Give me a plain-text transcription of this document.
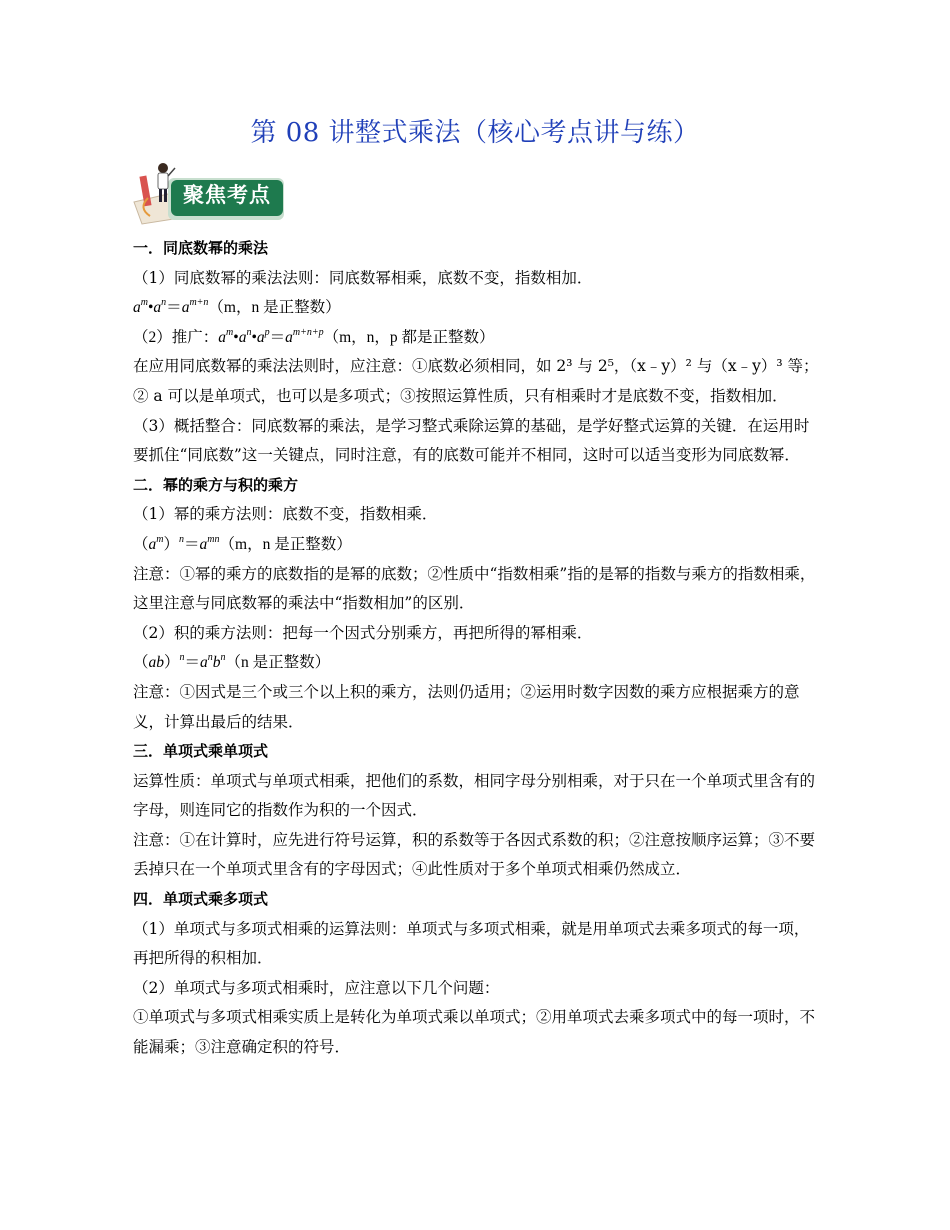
第 08 讲整式乘法（核心考点讲与练）
聚焦考点

一．同底数幂的乘法

（1）同底数幂的乘法法则：同底数幂相乘，底数不变，指数相加．

$a^m•a^n=a^{m+n}(m$，n 是正整数）

（2）推广：$a^m•a^n•a^p=a^{m+n+p}(m$，n，p 都是正整数）

在应用同底数幂的乘法法则时，应注意：①底数必须相同，如 2³ 与 2⁵，（x﹣y）² 与（x﹣y）³ 等；② a 可以是单项式，也可以是多项式；③按照运算性质，只有相乘时才是底数不变，指数相加．

（3）概括整合：同底数幂的乘法，是学习整式乘除运算的基础，是学好整式运算的关键．在运用时要抓住“同底数”这一关键点，同时注意，有的底数可能并不相同，这时可以适当变形为同底数幂．

二．幂的乘方与积的乘方

（1）幂的乘方法则：底数不变，指数相乘．

$(a^m)^n=a^{mn}(m$，n 是正整数）

注意：①幂的乘方的底数指的是幂的底数；②性质中“指数相乘”指的是幂的指数与乘方的指数相乘，这里注意与同底数幂的乘法中“指数相加”的区别．

（2）积的乘方法则：把每一个因式分别乘方，再把所得的幂相乘．

$(ab)^n=a^nb^n(n$ 是正整数）

注意：①因式是三个或三个以上积的乘方，法则仍适用；②运用时数字因数的乘方应根据乘方的意义，计算出最后的结果．

三．单项式乘单项式

运算性质：单项式与单项式相乘，把他们的系数，相同字母分别相乘，对于只在一个单项式里含有的字母，则连同它的指数作为积的一个因式．

注意：①在计算时，应先进行符号运算，积的系数等于各因式系数的积；②注意按顺序运算；③不要丢掉只在一个单项式里含有的字母因式；④此性质对于多个单项式相乘仍然成立．

四．单项式乘多项式

（1）单项式与多项式相乘的运算法则：单项式与多项式相乘，就是用单项式去乘多项式的每一项，再把所得的积相加．

（2）单项式与多项式相乘时，应注意以下几个问题：

①单项式与多项式相乘实质上是转化为单项式乘以单项式；②用单项式去乘多项式中的每一项时，不能漏乘；③注意确定积的符号．
